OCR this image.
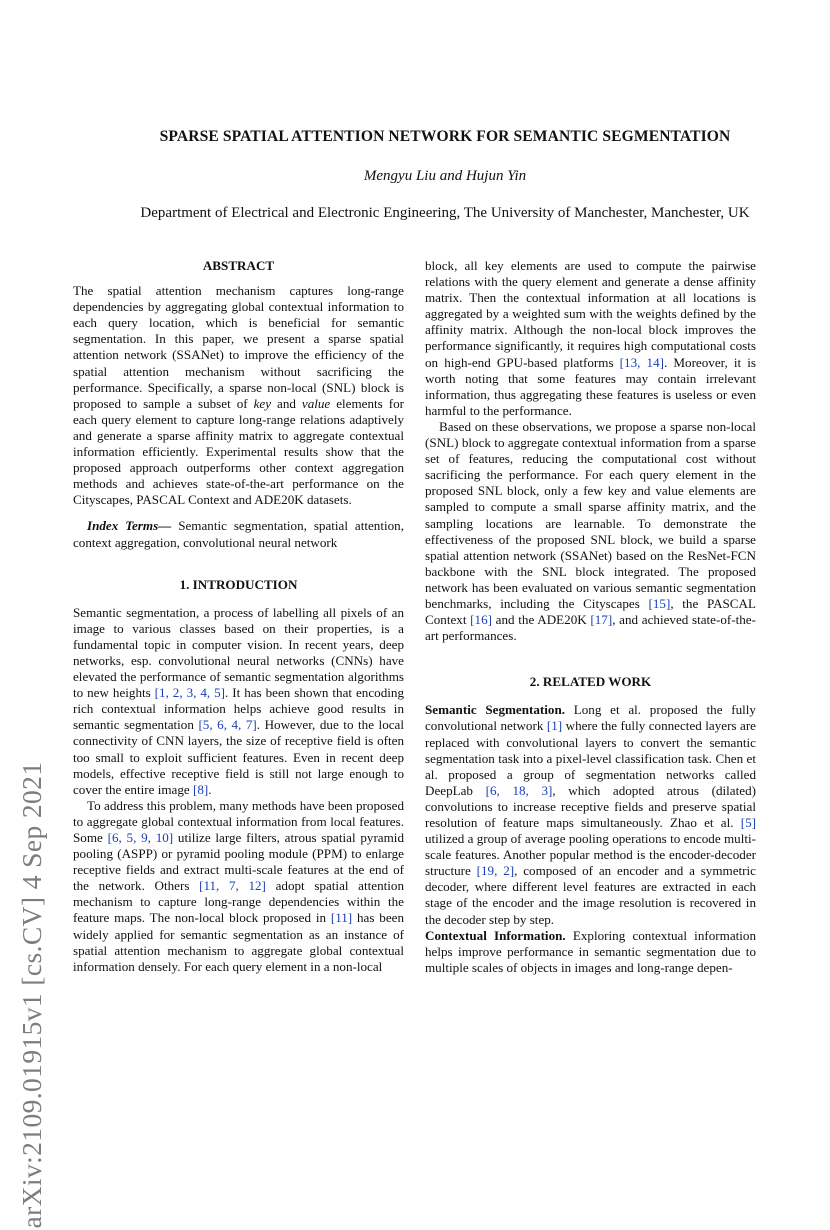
arXiv:2109.01915v1 [cs.CV] 4 Sep 2021
SPARSE SPATIAL ATTENTION NETWORK FOR SEMANTIC SEGMENTATION
Mengyu Liu and Hujun Yin
Department of Electrical and Electronic Engineering, The University of Manchester, Manchester, UK

ABSTRACT

The spatial attention mechanism captures long-range dependencies by aggregating global contextual information to each query location, which is beneficial for semantic segmentation. In this paper, we present a sparse spatial attention network (SSANet) to improve the efficiency of the spatial attention mechanism without sacrificing the performance. Specifically, a sparse non-local (SNL) block is proposed to sample a subset of key and value elements for each query element to capture long-range relations adaptively and generate a sparse affinity matrix to aggregate contextual information efficiently. Experimental results show that the proposed approach outperforms other context aggregation methods and achieves state-of-the-art performance on the Cityscapes, PASCAL Context and ADE20K datasets.

Index Terms— Semantic segmentation, spatial attention, context aggregation, convolutional neural network

1. INTRODUCTION

Semantic segmentation, a process of labelling all pixels of an image to various classes based on their properties, is a fundamental topic in computer vision. In recent years, deep networks, esp. convolutional neural networks (CNNs) have elevated the performance of semantic segmentation algorithms to new heights [1, 2, 3, 4, 5]. It has been shown that encoding rich contextual information helps achieve good results in semantic segmentation [5, 6, 4, 7]. However, due to the local connectivity of CNN layers, the size of receptive field is often too small to exploit sufficient features. Even in recent deep models, effective receptive field is still not large enough to cover the entire image [8].

To address this problem, many methods have been proposed to aggregate global contextual information from local features. Some [6, 5, 9, 10] utilize large filters, atrous spatial pyramid pooling (ASPP) or pyramid pooling module (PPM) to enlarge receptive fields and extract multi-scale features at the end of the network. Others [11, 7, 12] adopt spatial attention mechanism to capture long-range dependencies within the feature maps. The non-local block proposed in [11] has been widely applied for semantic segmentation as an instance of spatial attention mechanism to aggregate global contextual information densely. For each query element in a non-local

block, all key elements are used to compute the pairwise relations with the query element and generate a dense affinity matrix. Then the contextual information at all locations is aggregated by a weighted sum with the weights defined by the affinity matrix. Although the non-local block improves the performance significantly, it requires high computational costs on high-end GPU-based platforms [13, 14]. Moreover, it is worth noting that some features may contain irrelevant information, thus aggregating these features is useless or even harmful to the performance.

Based on these observations, we propose a sparse non-local (SNL) block to aggregate contextual information from a sparse set of features, reducing the computational cost without sacrificing the performance. For each query element in the proposed SNL block, only a few key and value elements are sampled to compute a small sparse affinity matrix, and the sampling locations are learnable. To demonstrate the effectiveness of the proposed SNL block, we build a sparse spatial attention network (SSANet) based on the ResNet-FCN backbone with the SNL block integrated. The proposed network has been evaluated on various semantic segmentation benchmarks, including the Cityscapes [15], the PASCAL Context [16] and the ADE20K [17], and achieved state-of-the-art performances.

2. RELATED WORK

Semantic Segmentation. Long et al. proposed the fully convolutional network [1] where the fully connected layers are replaced with convolutional layers to convert the semantic segmentation task into a pixel-level classification task. Chen et al. proposed a group of segmentation networks called DeepLab [6, 18, 3], which adopted atrous (dilated) convolutions to increase receptive fields and preserve spatial resolution of feature maps simultaneously. Zhao et al. [5] utilized a group of average pooling operations to encode multi-scale features. Another popular method is the encoder-decoder structure [19, 2], composed of an encoder and a symmetric decoder, where different level features are extracted in each stage of the encoder and the image resolution is recovered in the decoder step by step.

Contextual Information. Exploring contextual information helps improve performance in semantic segmentation due to multiple scales of objects in images and long-range depen-
